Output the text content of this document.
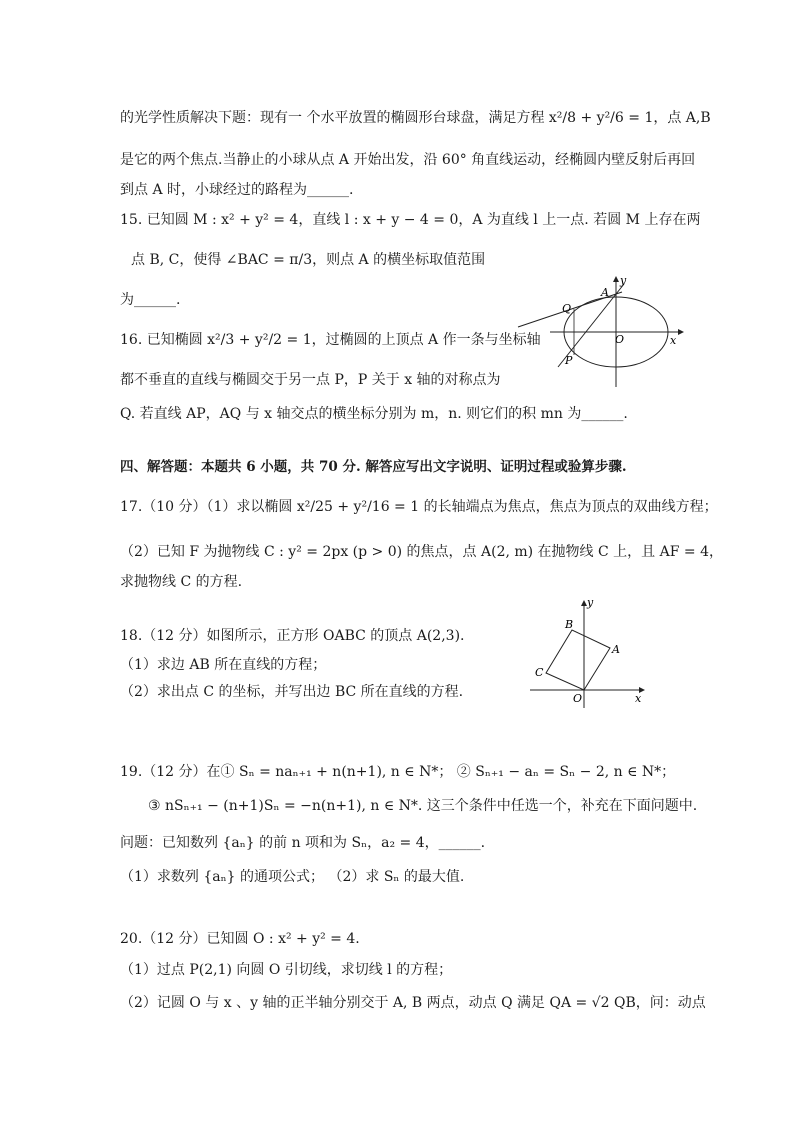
的光学性质解决下题：现有一 个水平放置的椭圆形台球盘，满足方程 x²/8 + y²/6 = 1，点 A,B
是它的两个焦点.当静止的小球从点 A 开始出发，沿 60° 角直线运动，经椭圆内壁反射后再回
到点 A 时，小球经过的路程为______.
15. 已知圆 M : x² + y² = 4，直线 l : x + y − 4 = 0，A 为直线 l 上一点. 若圆 M 上存在两
点 B, C，使得 ∠BAC = π/3，则点 A 的横坐标取值范围
为______.
16. 已知椭圆 x²/3 + y²/2 = 1，过椭圆的上顶点 A 作一条与坐标轴
都不垂直的直线与椭圆交于另一点 P，P 关于 x 轴的对称点为
Q. 若直线 AP，AQ 与 x 轴交点的横坐标分别为 m，n. 则它们的积 mn 为______.
四、解答题：本题共 6 小题，共 70 分. 解答应写出文字说明、证明过程或验算步骤.
17.（10 分）（1）求以椭圆 x²/25 + y²/16 = 1 的长轴端点为焦点，焦点为顶点的双曲线方程；
（2）已知 F 为抛物线 C : y² = 2px (p > 0) 的焦点，点 A(2, m) 在抛物线 C 上，且 AF = 4，
求抛物线 C 的方程.
18.（12 分）如图所示，正方形 OABC 的顶点 A(2,3).
（1）求边 AB 所在直线的方程；
（2）求出点 C 的坐标，并写出边 BC 所在直线的方程.
19.（12 分）在① Sₙ = naₙ₊₁ + n(n+1), n ∈ N*； ② Sₙ₊₁ − aₙ = Sₙ − 2, n ∈ N*；
③ nSₙ₊₁ − (n+1)Sₙ = −n(n+1), n ∈ N*. 这三个条件中任选一个，补充在下面问题中.
问题：已知数列 {aₙ} 的前 n 项和为 Sₙ，a₂ = 4，______.
（1）求数列 {aₙ} 的通项公式； （2）求 Sₙ 的最大值.
20.（12 分）已知圆 O : x² + y² = 4.
（1）过点 P(2,1) 向圆 O 引切线，求切线 l 的方程；
（2）记圆 O 与 x 、y 轴的正半轴分别交于 A, B 两点，动点 Q 满足 QA = √2 QB，问：动点
y
A
Q
O	x
P
y
B
A
C
O	x
